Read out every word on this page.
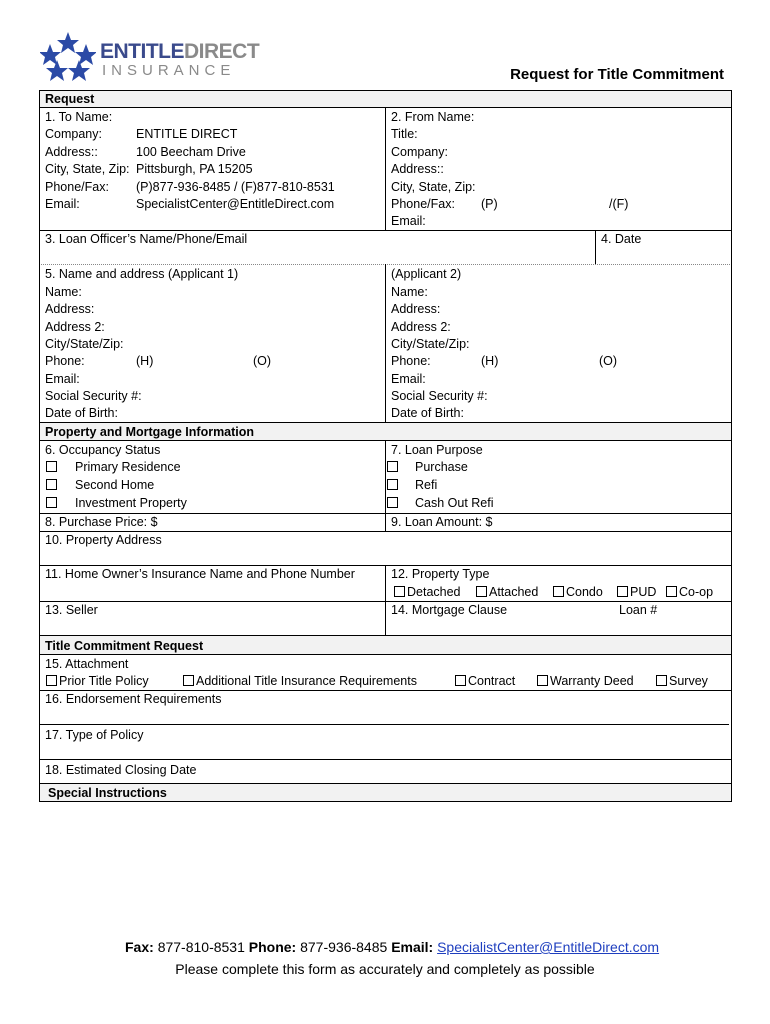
ENTITLEDIRECT
INSURANCE	Request for Title Commitment
Request
1. To Name:
Company:	ENTITLE DIRECT
Address::	100 Beecham Drive
City, State, Zip: Pittsburgh, PA 15205
Phone/Fax: (P)877-936-8485 / (F)877-810-8531
Email:	SpecialistCenter@EntitleDirect.com
2. From Name:
Title:
Company:
Address::
City, State, Zip:
Phone/Fax: (P)	/(F)
Email:
3. Loan Officer’s Name/Phone/Email	4. Date
5. Name and address (Applicant 1)
Name:
Address:
Address 2:
City/State/Zip:
Phone:	(H)	(O)
Email:
Social Security #:
Date of Birth:
(Applicant 2)
Name:
Address:
Address 2:
City/State/Zip:
Phone:	(H)	(O)
Email:
Social Security #:
Date of Birth:
Property and Mortgage Information
6. Occupancy Status
Primary Residence
Second Home
Investment Property
7. Loan Purpose
Purchase
Refi
Cash Out Refi
8. Purchase Price: $	9. Loan Amount: $
10. Property Address
11. Home Owner’s Insurance Name and Phone Number	12. Property Type
Detached Attached Condo PUD Co-op
13. Seller	14. Mortgage Clause	Loan #
Title Commitment Request
15. Attachment
Prior Title Policy	Additional Title Insurance Requirements	Contract	Warranty Deed	Survey
16. Endorsement Requirements
17. Type of Policy
18. Estimated Closing Date
Special Instructions
Fax: 877-810-8531 Phone: 877-936-8485 Email: SpecialistCenter@EntitleDirect.com
Please complete this form as accurately and completely as possible
